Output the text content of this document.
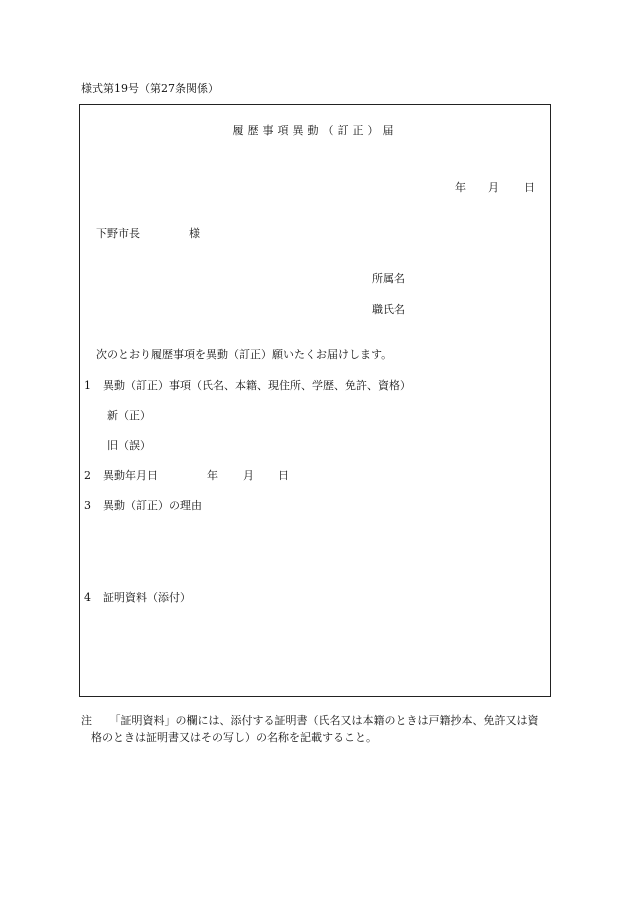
様式第19号（第27条関係）
履歴事項異動（訂正）届
年 月 日
下野市長	様
所属名
職氏名
次のとおり履歴事項を異動（訂正）願いたくお届けします。
1 異動（訂正）事項（氏名、本籍、現住所、学歴、免許、資格）
新（正）
旧（誤）
2 異動年月日	年 月 日
3 異動（訂正）の理由
4 証明資料（添付）
注 「証明資料」の欄には、添付する証明書（氏名又は本籍のときは戸籍抄本、免許又は資
格のときは証明書又はその写し）の名称を記載すること。
